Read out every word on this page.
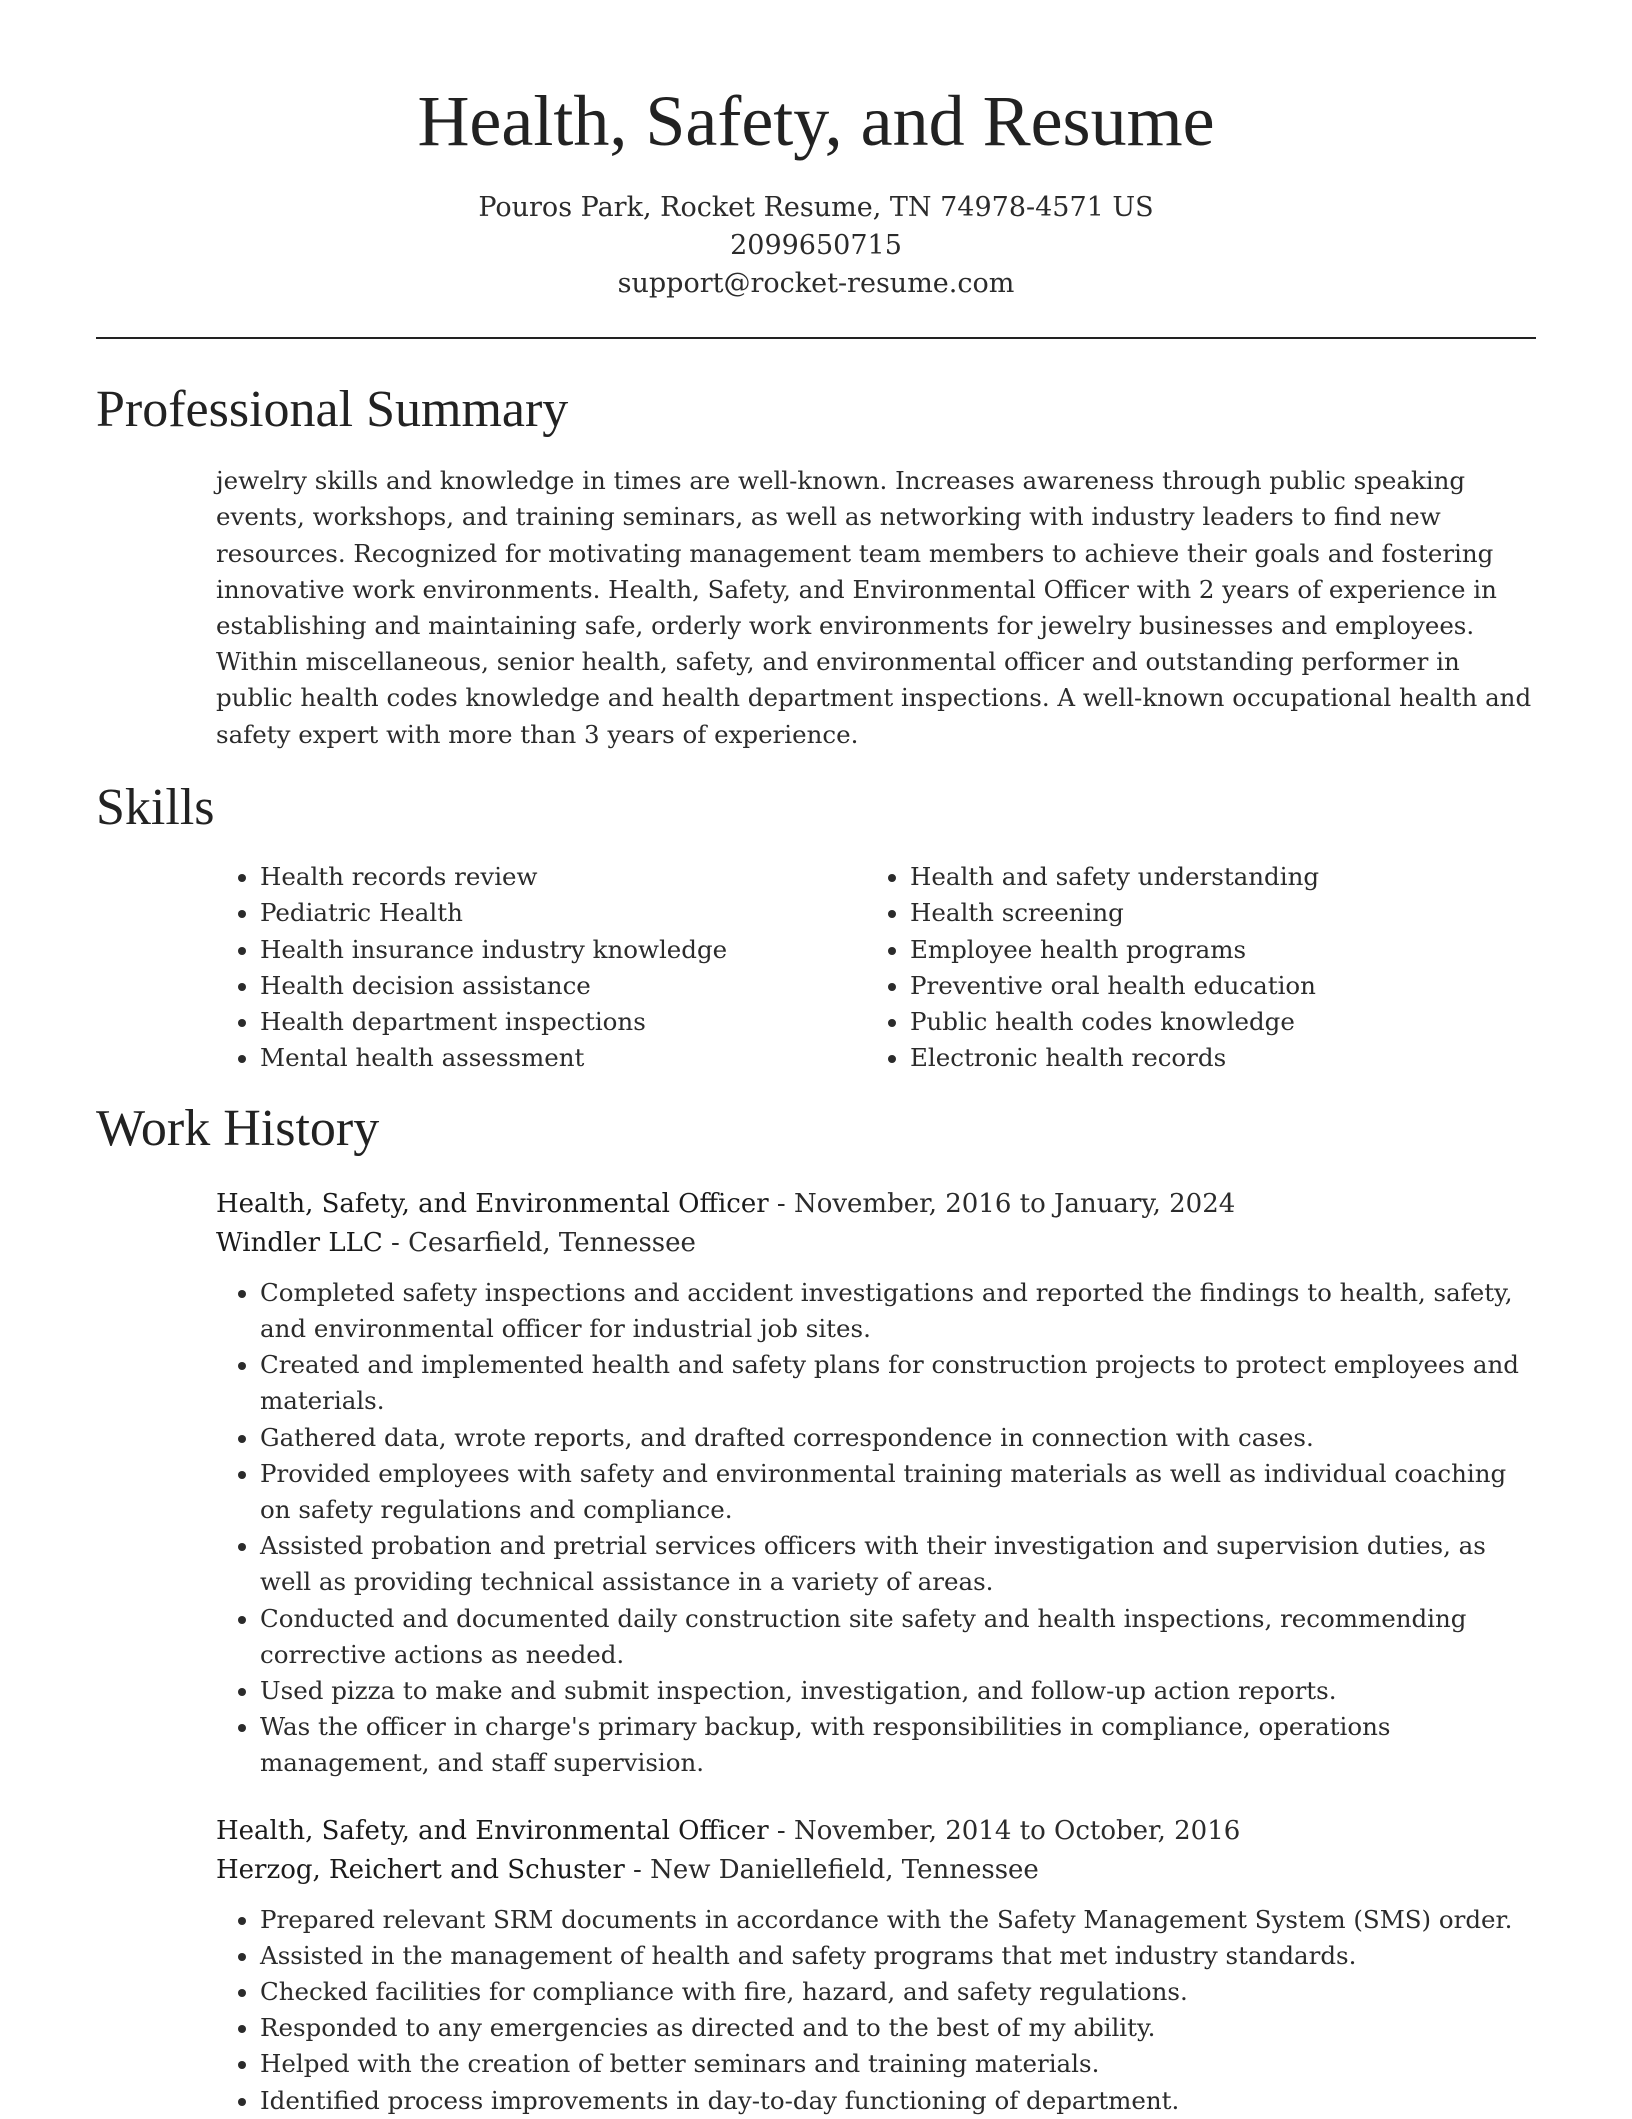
Health, Safety, and Resume

Pouros Park, Rocket Resume, TN 74978-4571 US

2099650715

support@rocket-resume.com

Professional Summary

jewelry skills and knowledge in times are well-known. Increases awareness through public speaking events, workshops, and training seminars, as well as networking with industry leaders to find new resources. Recognized for motivating management team members to achieve their goals and fostering innovative work environments. Health, Safety, and Environmental Officer with 2 years of experience in establishing and maintaining safe, orderly work environments for jewelry businesses and employees. Within miscellaneous, senior health, safety, and environmental officer and outstanding performer in public health codes knowledge and health department inspections. A well-known occupational health and safety expert with more than 3 years of experience.

Skills
• Health records review
• Pediatric Health
• Health insurance industry knowledge
• Health decision assistance
• Health department inspections
• Mental health assessment
• Health and safety understanding
• Health screening
• Employee health programs
• Preventive oral health education
• Public health codes knowledge
• Electronic health records
Work History
Health, Safety, and Environmental Officer - November, 2016 to January, 2024
Windler LLC - Cesarfield, Tennessee
• Completed safety inspections and accident investigations and reported the findings to health, safety, and environmental officer for industrial job sites.
• Created and implemented health and safety plans for construction projects to protect employees and materials.
• Gathered data, wrote reports, and drafted correspondence in connection with cases.
• Provided employees with safety and environmental training materials as well as individual coaching on safety regulations and compliance.
• Assisted probation and pretrial services officers with their investigation and supervision duties, as well as providing technical assistance in a variety of areas.
• Conducted and documented daily construction site safety and health inspections, recommending corrective actions as needed.
• Used pizza to make and submit inspection, investigation, and follow-up action reports.
• Was the officer in charge's primary backup, with responsibilities in compliance, operations management, and staff supervision.
Health, Safety, and Environmental Officer - November, 2014 to October, 2016
Herzog, Reichert and Schuster - New Daniellefield, Tennessee
• Prepared relevant SRM documents in accordance with the Safety Management System (SMS) order.
• Assisted in the management of health and safety programs that met industry standards.
• Checked facilities for compliance with fire, hazard, and safety regulations.
• Responded to any emergencies as directed and to the best of my ability.
• Helped with the creation of better seminars and training materials.
• Identified process improvements in day-to-day functioning of department.
